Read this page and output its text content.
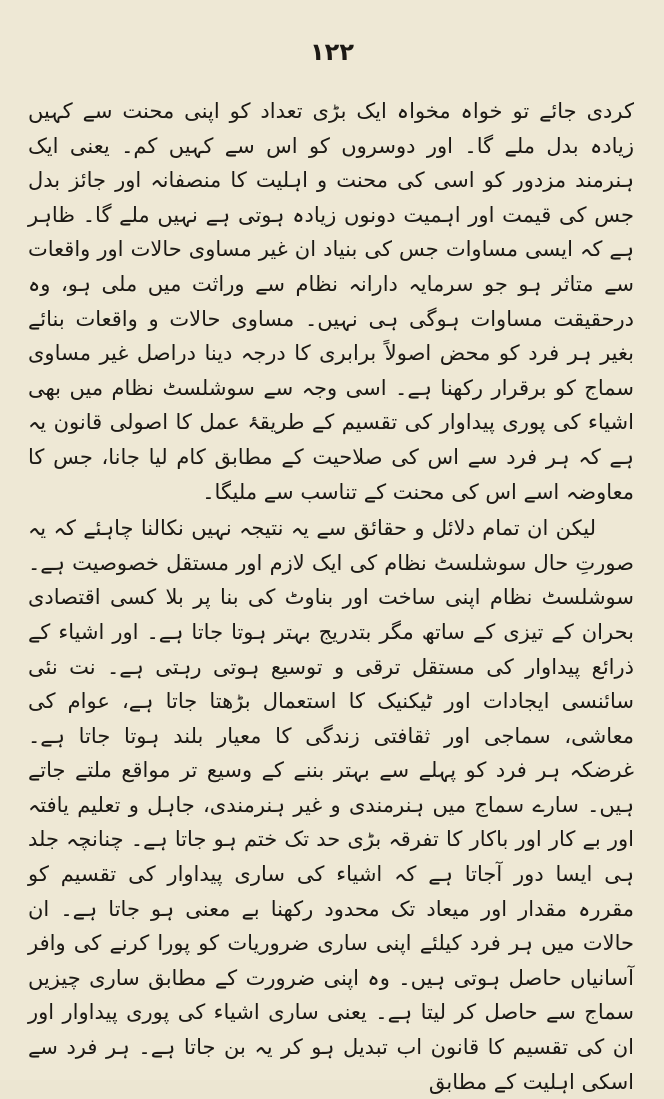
١٢٢

کردی جائے تو خواہ مخواہ ایک بڑی تعداد کو اپنی محنت سے کہیں زیادہ بدل ملے گا۔ اور دوسروں کو اس سے کہیں کم۔ یعنی ایک ہنرمند مزدور کو اسی کی محنت و اہلیت کا منصفانہ اور جائز بدل جس کی قیمت اور اہمیت دونوں زیادہ ہوتی ہے نہیں ملے گا۔ ظاہر ہے کہ ایسی مساوات جس کی بنیاد ان غیر مساوی حالات اور واقعات سے متاثر ہو جو سرمایہ دارانہ نظام سے وراثت میں ملی ہو، وہ درحقیقت مساوات ہوگی ہی نہیں۔ مساوی حالات و واقعات بنائے بغیر ہر فرد کو محض اصولاً برابری کا درجہ دینا دراصل غیر مساوی سماج کو برقرار رکھنا ہے۔ اسی وجہ سے سوشلسٹ نظام میں بھی اشیاء کی پوری پیداوار کی تقسیم کے طریقۂ عمل کا اصولی قانون یہ ہے کہ ہر فرد سے اس کی صلاحیت کے مطابق کام لیا جانا، جس کا معاوضہ اسے اس کی محنت کے تناسب سے ملیگا۔

لیکن ان تمام دلائل و حقائق سے یہ نتیجہ نہیں نکالنا چاہئے کہ یہ صورتِ حال سوشلسٹ نظام کی ایک لازم اور مستقل خصوصیت ہے۔ سوشلسٹ نظام اپنی ساخت اور بناوٹ کی بنا پر بلا کسی اقتصادی بحران کے تیزی کے ساتھ مگر بتدریج بہتر ہوتا جاتا ہے۔ اور اشیاء کے ذرائع پیداوار کی مستقل ترقی و توسیع ہوتی رہتی ہے۔ نت نئی سائنسی ایجادات اور ٹیکنیک کا استعمال بڑھتا جاتا ہے، عوام کی معاشی، سماجی اور ثقافتی زندگی کا معیار بلند ہوتا جاتا ہے۔ غرضکہ ہر فرد کو پہلے سے بہتر بننے کے وسیع تر مواقع ملتے جاتے ہیں۔ سارے سماج میں ہنرمندی و غیر ہنرمندی، جاہل و تعلیم یافتہ اور بے کار اور باکار کا تفرقہ بڑی حد تک ختم ہو جاتا ہے۔ چنانچہ جلد ہی ایسا دور آجاتا ہے کہ اشیاء کی ساری پیداوار کی تقسیم کو مقررہ مقدار اور میعاد تک محدود رکھنا بے معنی ہو جاتا ہے۔ ان حالات میں ہر فرد کیلئے اپنی ساری ضروریات کو پورا کرنے کی وافر آسانیاں حاصل ہوتی ہیں۔ وہ اپنی ضرورت کے مطابق ساری چیزیں سماج سے حاصل کر لیتا ہے۔ یعنی ساری اشیاء کی پوری پیداوار اور ان کی تقسیم کا قانون اب تبدیل ہو کر یہ بن جاتا ہے۔ ہر فرد سے اسکی اہلیت کے مطابق
